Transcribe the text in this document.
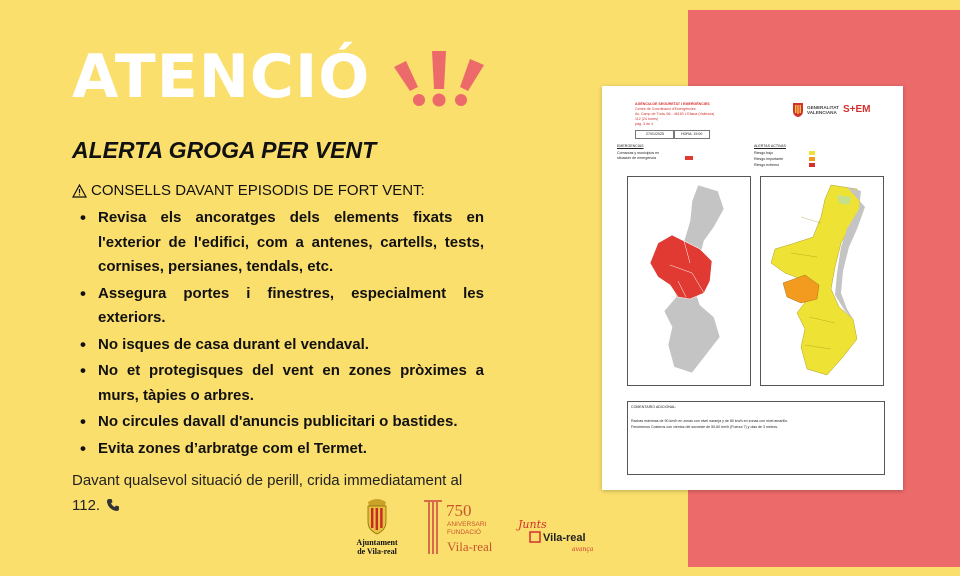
ATENCIÓ
ALERTA GROGA PER VENT
CONSELLS DAVANT EPISODIS DE FORT VENT:
• Revisa els ancoratges dels elements fixats en l'exterior de l'edifici, com a antenes, cartells, tests, cornises, persianes, tendals, etc.
• Assegura portes i finestres, especialment les exteriors.
• No isques de casa durant el vendaval.
• No et protegisques del vent en zones pròximes a murs, tàpies o arbres.
• No circules davall d'anuncis publicitari o bastides.
• Evita zones d’arbratge com el Termet.

Davant qualsevol situació de perill, crida immediatament al 112.

Ajuntament
de Vila-real
750
ANIVERSARI
FUNDACIÓ
Vila-real
Junts
Vila-real
avança
AGÈNCIA DE SEGURETAT I EMERGÈNCIES
Centre de Coordinació d'Emergències
Av. Camp de Túria, 66 - 46183 L'Eliana (València)
112 (24 hores)
pàg. 3 de 4
27/01/2025	HORA: 19:00
GENERALITAT
VALENCIANA S+EM
EMERGENCIAS
Comarcas y municipios en
situación de emergencia
ALERTAS ACTIVAS
Riesgo bajo
Riesgo importante
Riesgo extremo
COMENTARIO ADICIONAL:
Rachas máximas de 90 km/h en zonas con nivel naranja y de 80 km/h en zonas con nivel amarillo.
Fenómenos Costeros con vientos del suroeste de 50-60 km/h (Fuerza 7) y olas de 3 metros.
